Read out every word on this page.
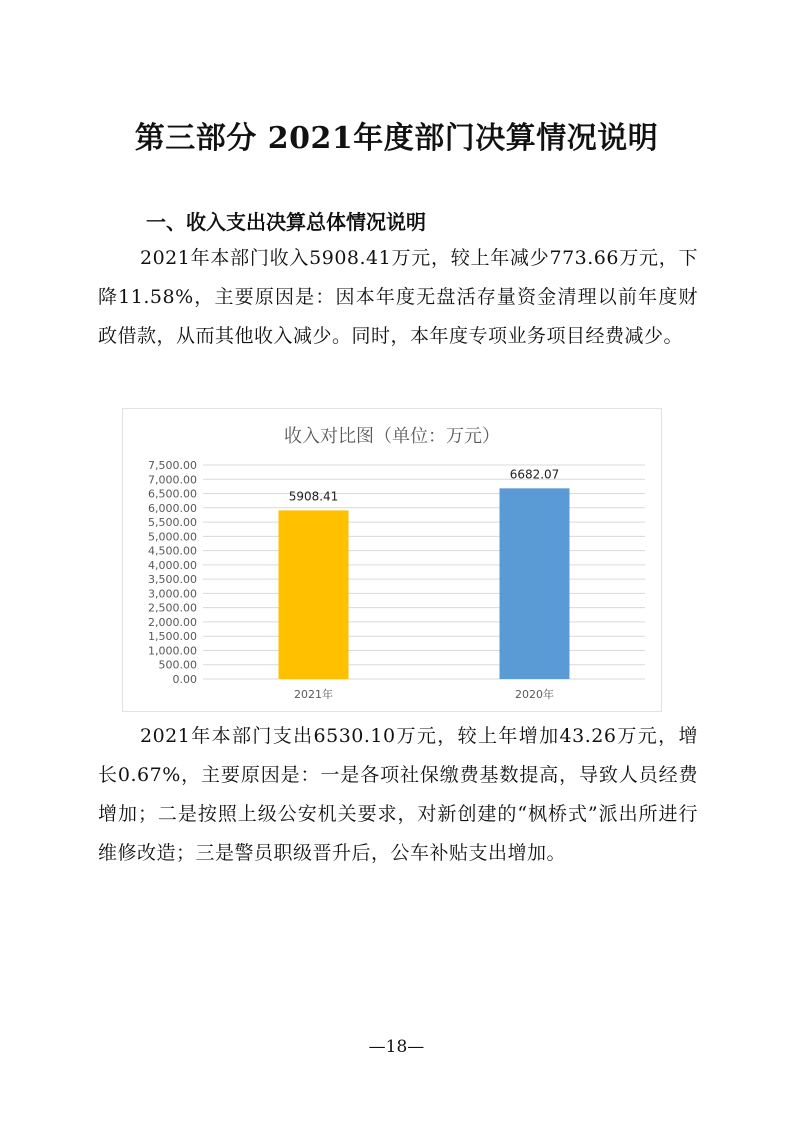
第三部分 2021年度部门决算情况说明
一、收入支出决算总体情况说明

2021年本部门收入5908.41万元，较上年减少773.66万元，下降11.58%，主要原因是：因本年度无盘活存量资金清理以前年度财政借款，从而其他收入减少。同时，本年度专项业务项目经费减少。

收入对比图（单位：万元）
0.00
500.00
1,000.00
1,500.00
2,000.00
2,500.00
3,000.00
3,500.00
4,000.00
4,500.00
5,000.00
5,500.00
6,000.00
6,500.00
7,000.00
7,500.00
5908.41
6682.07
2021年	2020年

2021年本部门支出6530.10万元，较上年增加43.26万元，增长0.67%，主要原因是：一是各项社保缴费基数提高，导致人员经费增加；二是按照上级公安机关要求，对新创建的“枫桥式”派出所进行维修改造；三是警员职级晋升后，公车补贴支出增加。

—18—
